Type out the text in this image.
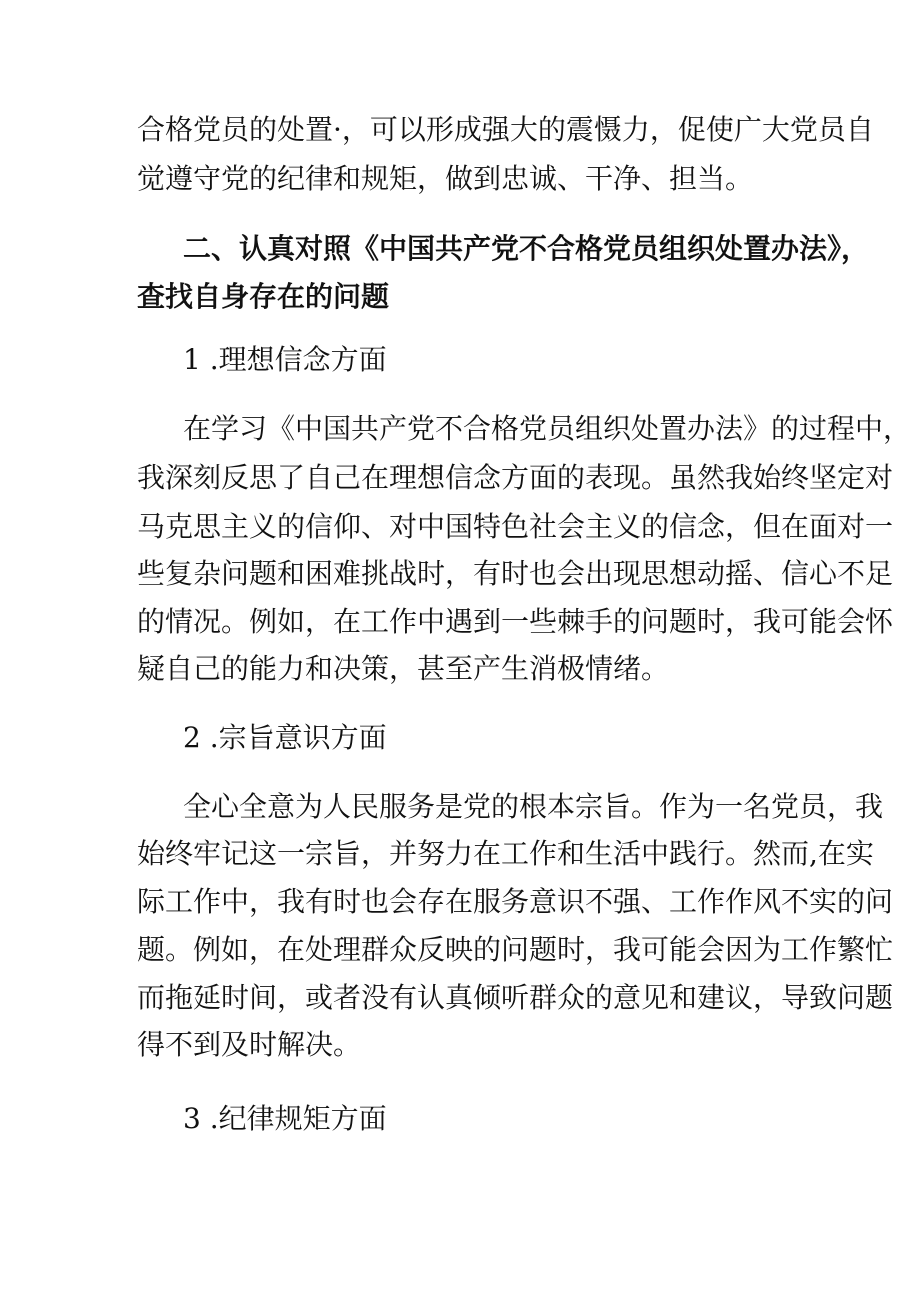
合格党员的处置·，可以形成强大的震慑力，促使广大党员自
觉遵守党的纪律和规矩，做到忠诚、干净、担当。
二、认真对照《中国共产党不合格党员组织处置办法》，
查找自身存在的问题
1 .理想信念方面
在学习《中国共产党不合格党员组织处置办法》的过程中，
我深刻反思了自己在理想信念方面的表现。虽然我始终坚定对
马克思主义的信仰、对中国特色社会主义的信念，但在面对一
些复杂问题和困难挑战时，有时也会出现思想动摇、信心不足
的情况。例如，在工作中遇到一些棘手的问题时，我可能会怀
疑自己的能力和决策，甚至产生消极情绪。
2 .宗旨意识方面
全心全意为人民服务是党的根本宗旨。作为一名党员，我
始终牢记这一宗旨，并努力在工作和生活中践行。然而,在实
际工作中，我有时也会存在服务意识不强、工作作风不实的问
题。例如，在处理群众反映的问题时，我可能会因为工作繁忙
而拖延时间，或者没有认真倾听群众的意见和建议，导致问题
得不到及时解决。
3 .纪律规矩方面
